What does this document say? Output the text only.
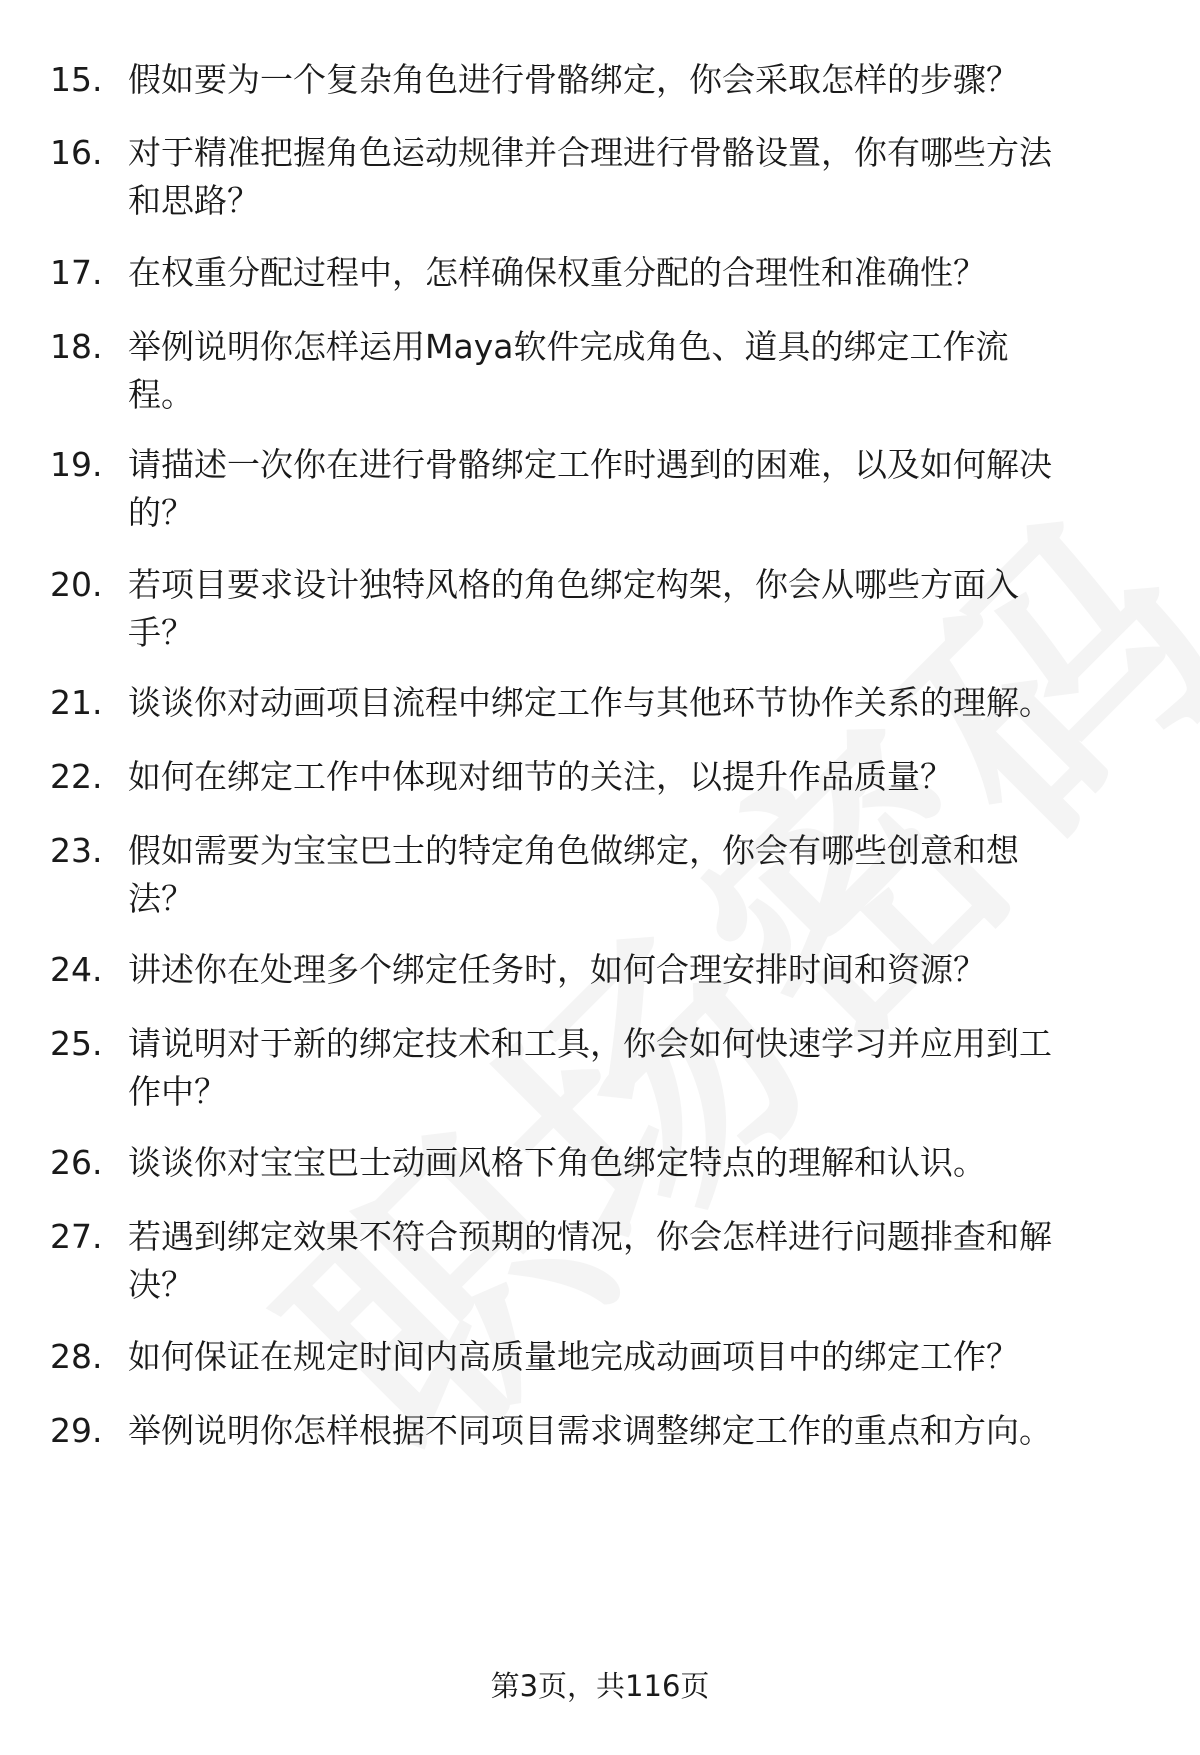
15. 假如要为一个复杂角色进行骨骼绑定，你会采取怎样的步骤？
16. 对于精准把握角色运动规律并合理进行骨骼设置，你有哪些方法
和思路？
17. 在权重分配过程中，怎样确保权重分配的合理性和准确性？
18. 举例说明你怎样运用Maya软件完成角色、道具的绑定工作流
程。
19. 请描述一次你在进行骨骼绑定工作时遇到的困难，以及如何解决
的？
20. 若项目要求设计独特风格的角色绑定构架，你会从哪些方面入
手？
21. 谈谈你对动画项目流程中绑定工作与其他环节协作关系的理解。
22. 如何在绑定工作中体现对细节的关注，以提升作品质量？
23. 假如需要为宝宝巴士的特定角色做绑定，你会有哪些创意和想
法？
24. 讲述你在处理多个绑定任务时，如何合理安排时间和资源？
25. 请说明对于新的绑定技术和工具，你会如何快速学习并应用到工
作中？
26. 谈谈你对宝宝巴士动画风格下角色绑定特点的理解和认识。
27. 若遇到绑定效果不符合预期的情况，你会怎样进行问题排查和解
决？
28. 如何保证在规定时间内高质量地完成动画项目中的绑定工作？
29. 举例说明你怎样根据不同项目需求调整绑定工作的重点和方向。
第3页，共116页
